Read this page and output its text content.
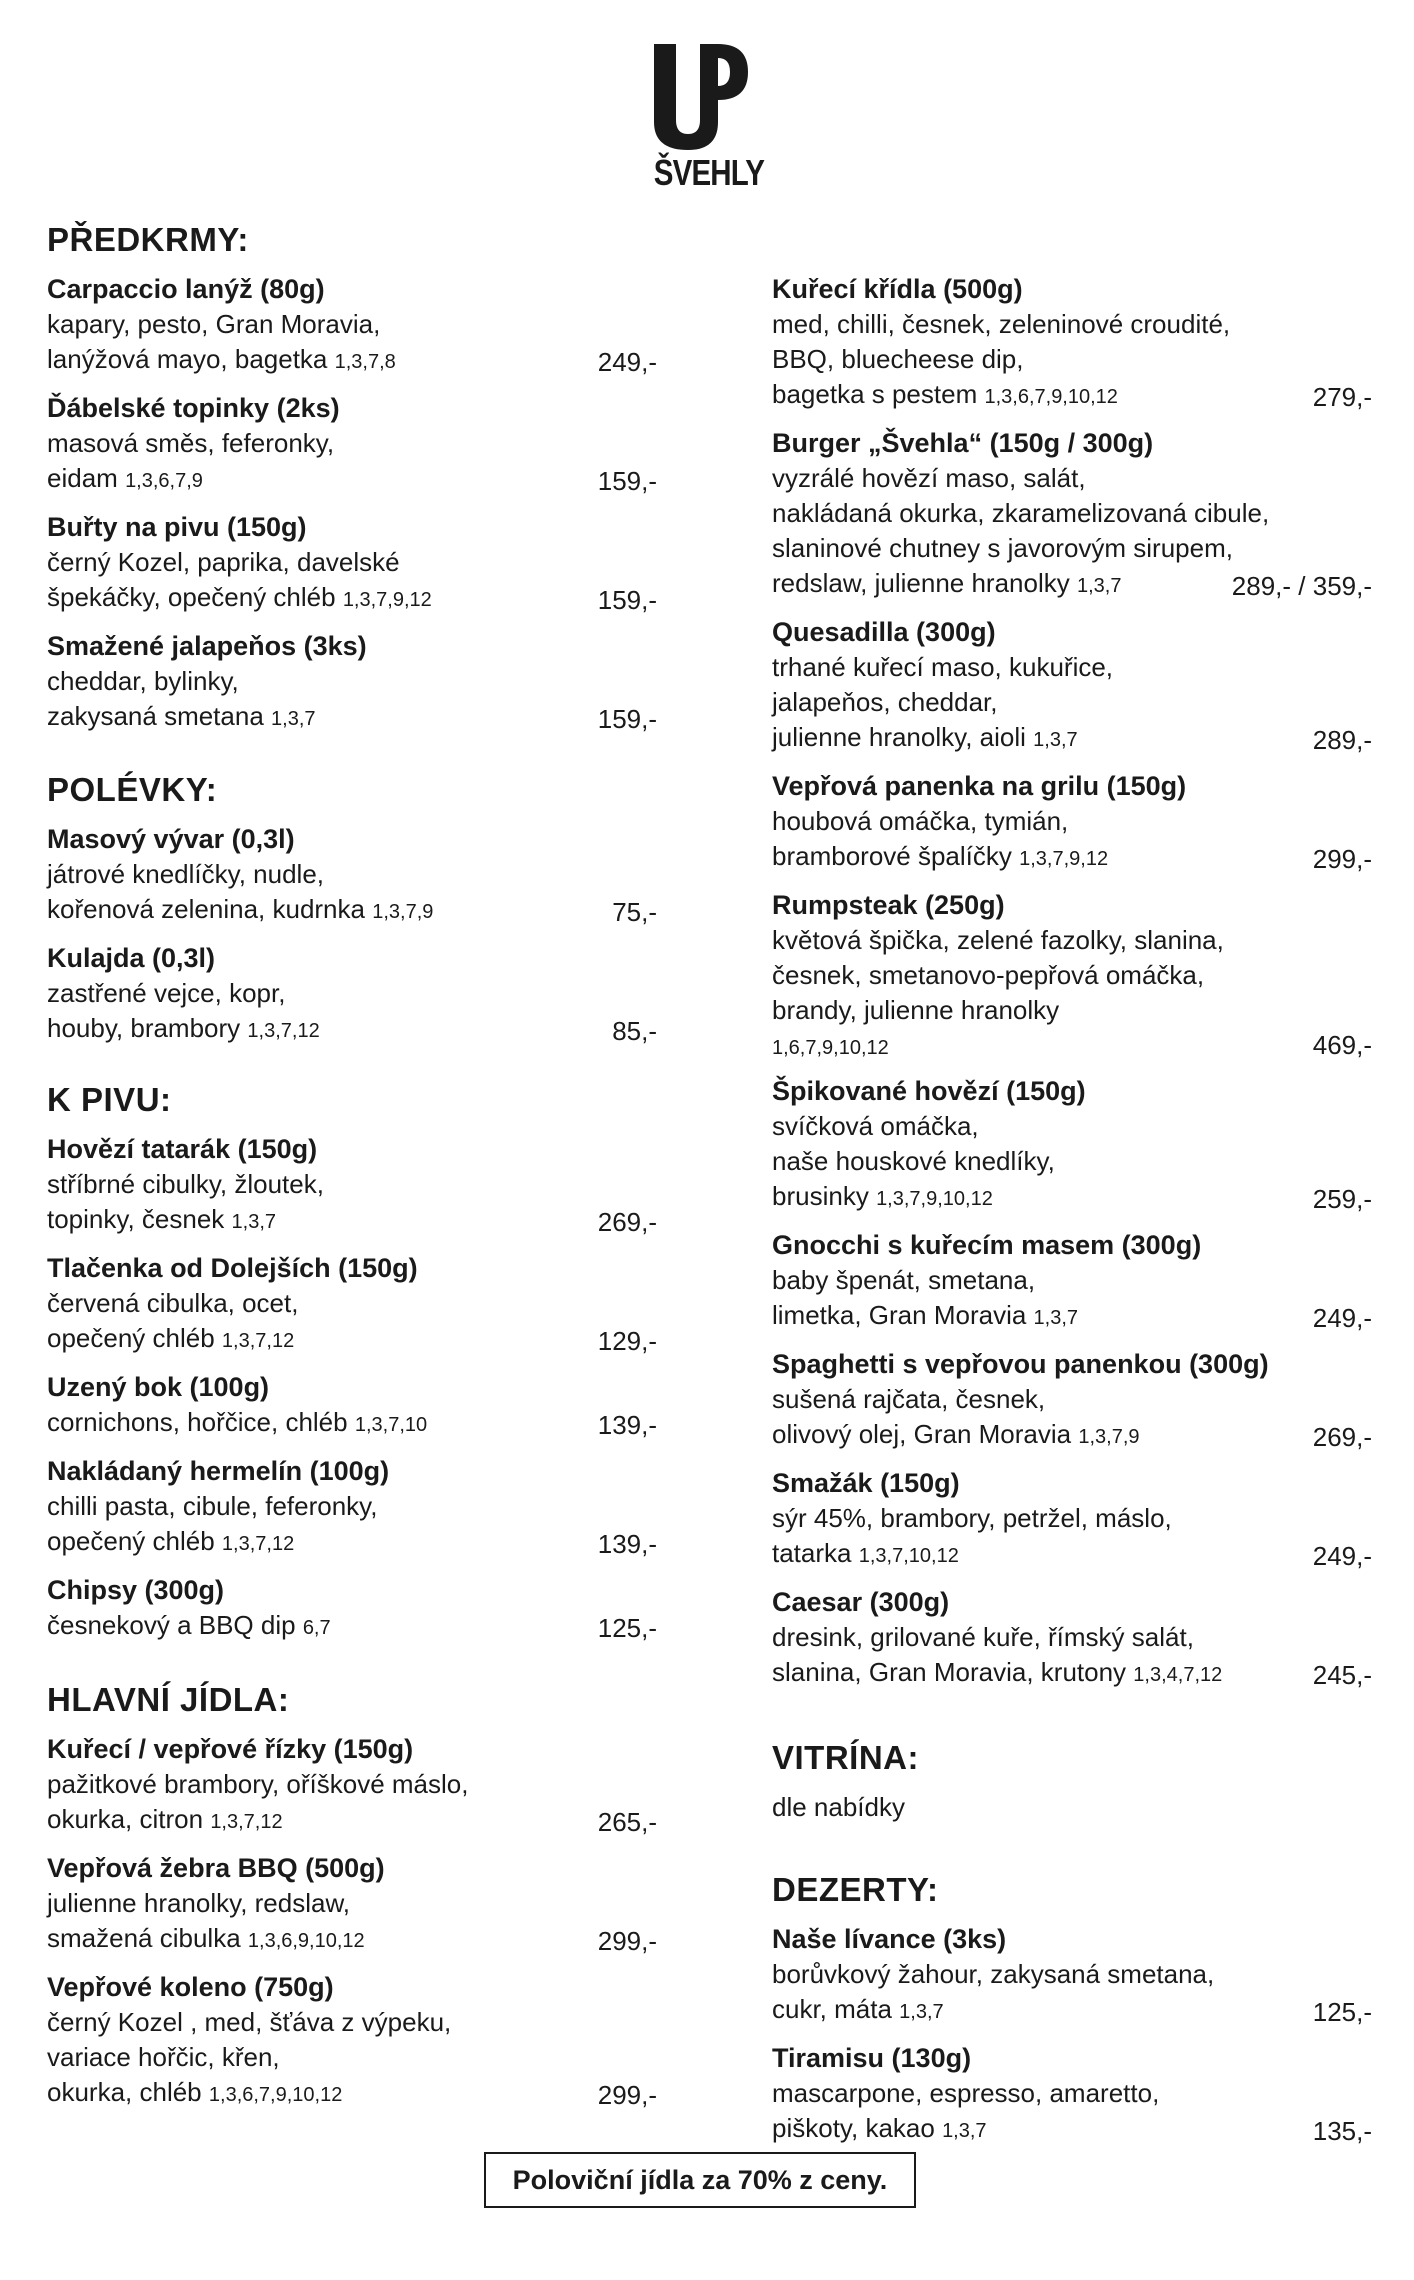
ŠVEHLY
PŘEDKRMY:
Carpaccio lanýž (80g)
kapary, pesto, Gran Moravia,
lanýžová mayo, bagetka 1,3,7,8	249,-
Ďábelské topinky (2ks)
masová směs, feferonky,
eidam 1,3,6,7,9	159,-
Buřty na pivu (150g)
černý Kozel, paprika, davelské
špekáčky, opečený chléb 1,3,7,9,12	159,-
Smažené jalapeňos (3ks)
cheddar, bylinky,
zakysaná smetana 1,3,7	159,-
POLÉVKY:
Masový vývar (0,3l)
játrové knedlíčky, nudle,
kořenová zelenina, kudrnka 1,3,7,9	75,-
Kulajda (0,3l)
zastřené vejce, kopr,
houby, brambory 1,3,7,12	85,-
K PIVU:
Hovězí tatarák (150g)
stříbrné cibulky, žloutek,
topinky, česnek 1,3,7	269,-
Tlačenka od Dolejších (150g)
červená cibulka, ocet,
opečený chléb 1,3,7,12	129,-
Uzený bok (100g)
cornichons, hořčice, chléb 1,3,7,10	139,-
Nakládaný hermelín (100g)
chilli pasta, cibule, feferonky,
opečený chléb 1,3,7,12	139,-
Chipsy (300g)
česnekový a BBQ dip 6,7	125,-
HLAVNÍ JÍDLA:
Kuřecí / vepřové řízky (150g)
pažitkové brambory, oříškové máslo,
okurka, citron 1,3,7,12	265,-
Vepřová žebra BBQ (500g)
julienne hranolky, redslaw,
smažená cibulka 1,3,6,9,10,12	299,-
Vepřové koleno (750g)
černý Kozel , med, šťáva z výpeku,
variace hořčic, křen,
okurka, chléb 1,3,6,7,9,10,12	299,-
Kuřecí křídla (500g)
med, chilli, česnek, zeleninové croudité,
BBQ, bluecheese dip,
bagetka s pestem 1,3,6,7,9,10,12	279,-
Burger „Švehla“ (150g / 300g)
vyzrálé hovězí maso, salát,
nakládaná okurka, zkaramelizovaná cibule,
slaninové chutney s javorovým sirupem,
redslaw, julienne hranolky 1,3,7	289,- / 359,-
Quesadilla (300g)
trhané kuřecí maso, kukuřice,
jalapeňos, cheddar,
julienne hranolky, aioli 1,3,7	289,-
Vepřová panenka na grilu (150g)
houbová omáčka, tymián,
bramborové špalíčky 1,3,7,9,12	299,-
Rumpsteak (250g)
květová špička, zelené fazolky, slanina,
česnek, smetanovo-pepřová omáčka,
brandy, julienne hranolky
1,6,7,9,10,12	469,-
Špikované hovězí (150g)
svíčková omáčka,
naše houskové knedlíky,
brusinky 1,3,7,9,10,12	259,-
Gnocchi s kuřecím masem (300g)
baby špenát, smetana,
limetka, Gran Moravia 1,3,7	249,-
Spaghetti s vepřovou panenkou (300g)
sušená rajčata, česnek,
olivový olej, Gran Moravia 1,3,7,9	269,-
Smažák (150g)
sýr 45%, brambory, petržel, máslo,
tatarka 1,3,7,10,12	249,-
Caesar (300g)
dresink, grilované kuře, římský salát,
slanina, Gran Moravia, krutony 1,3,4,7,12	245,-
VITRÍNA:
dle nabídky
DEZERTY:
Naše lívance (3ks)
borůvkový žahour, zakysaná smetana,
cukr, máta 1,3,7	125,-
Tiramisu (130g)
mascarpone, espresso, amaretto,
piškoty, kakao 1,3,7	135,-
Poloviční jídla za 70% z ceny.
